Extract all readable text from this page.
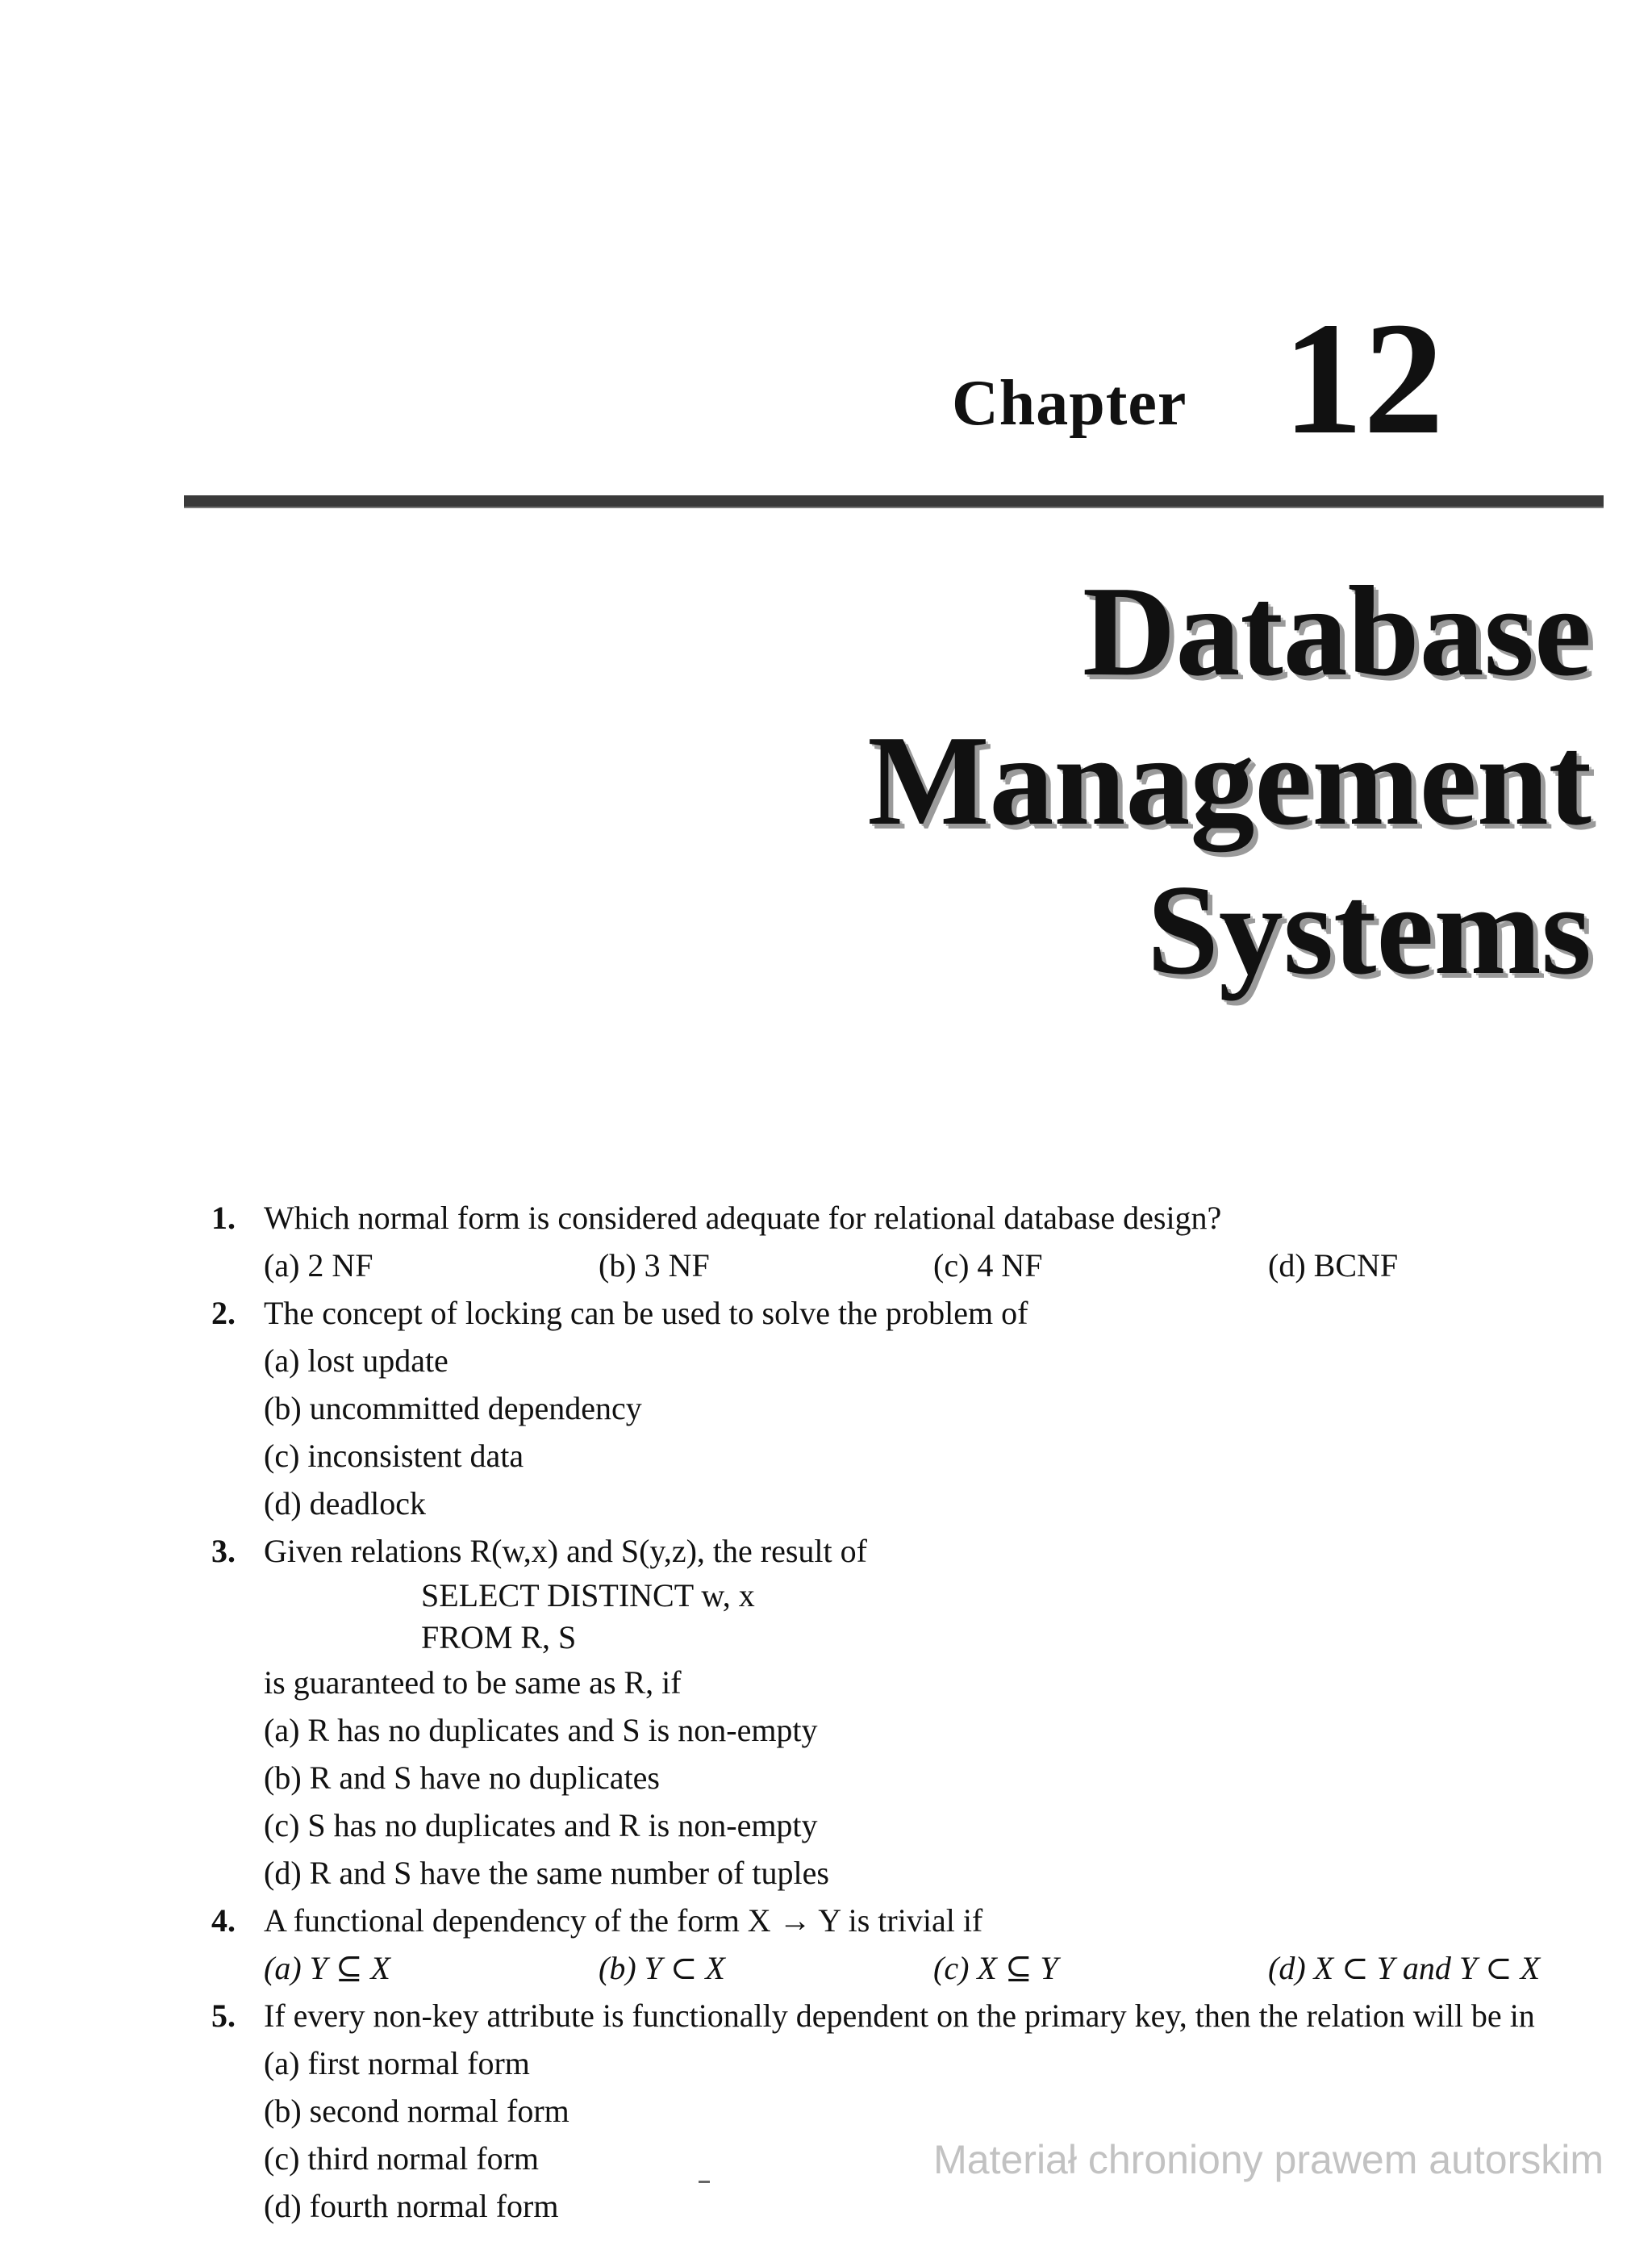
Chapter 12
Database
Management
Systems
1. Which normal form is considered adequate for relational database design?
(a) 2 NF	(b) 3 NF	(c) 4 NF	(d) BCNF
2. The concept of locking can be used to solve the problem of
(a) lost update
(b) uncommitted dependency
(c) inconsistent data
(d) deadlock
3. Given relations R(w,x) and S(y,z), the result of
SELECT DISTINCT w, x
FROM R, S
is guaranteed to be same as R, if
(a) R has no duplicates and S is non-empty
(b) R and S have no duplicates
(c) S has no duplicates and R is non-empty
(d) R and S have the same number of tuples
4. A functional dependency of the form X → Y is trivial if
(a) Y ⊆ X	(b) Y ⊂ X	(c) X ⊆ Y	(d) X ⊂ Y and Y ⊂ X
5. If every non-key attribute is functionally dependent on the primary key, then the relation will be in
(a) first normal form
(b) second normal form
(c) third normal form
(d) fourth normal form
Materiał chroniony prawem autorskim
